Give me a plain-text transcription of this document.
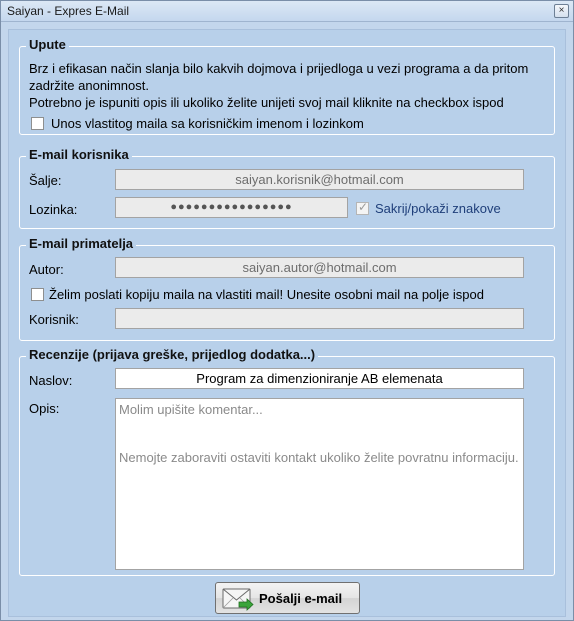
Saiyan - Expres E-Mail	×
Upute
Brz i efikasan način slanja bilo kakvih dojmova i prijedloga u vezi programa a da pritom
zadržite anonimnost.
Potrebno je ispuniti opis ili ukoliko želite unijeti svoj mail kliknite na checkbox ispod
Unos vlastitog maila sa korisničkim imenom i lozinkom
E-mail korisnika
Šalje:	saiyan.korisnik@hotmail.com
Lozinka:	●●●●●●●●●●●●●●●●
✓	Sakrij/pokaži znakove
E-mail primatelja
Autor:	saiyan.autor@hotmail.com
Želim poslati kopiju maila na vlastiti mail! Unesite osobni mail na polje ispod
Korisnik:
Recenzije (prijava greške, prijedlog dodatka...)
Naslov:	Program za dimenzioniranje AB elemenata
Opis:	Molim upišite komentar...

Nemojte zaboraviti ostaviti kontakt ukoliko želite povratnu informaciju.
Pošalji e-mail
